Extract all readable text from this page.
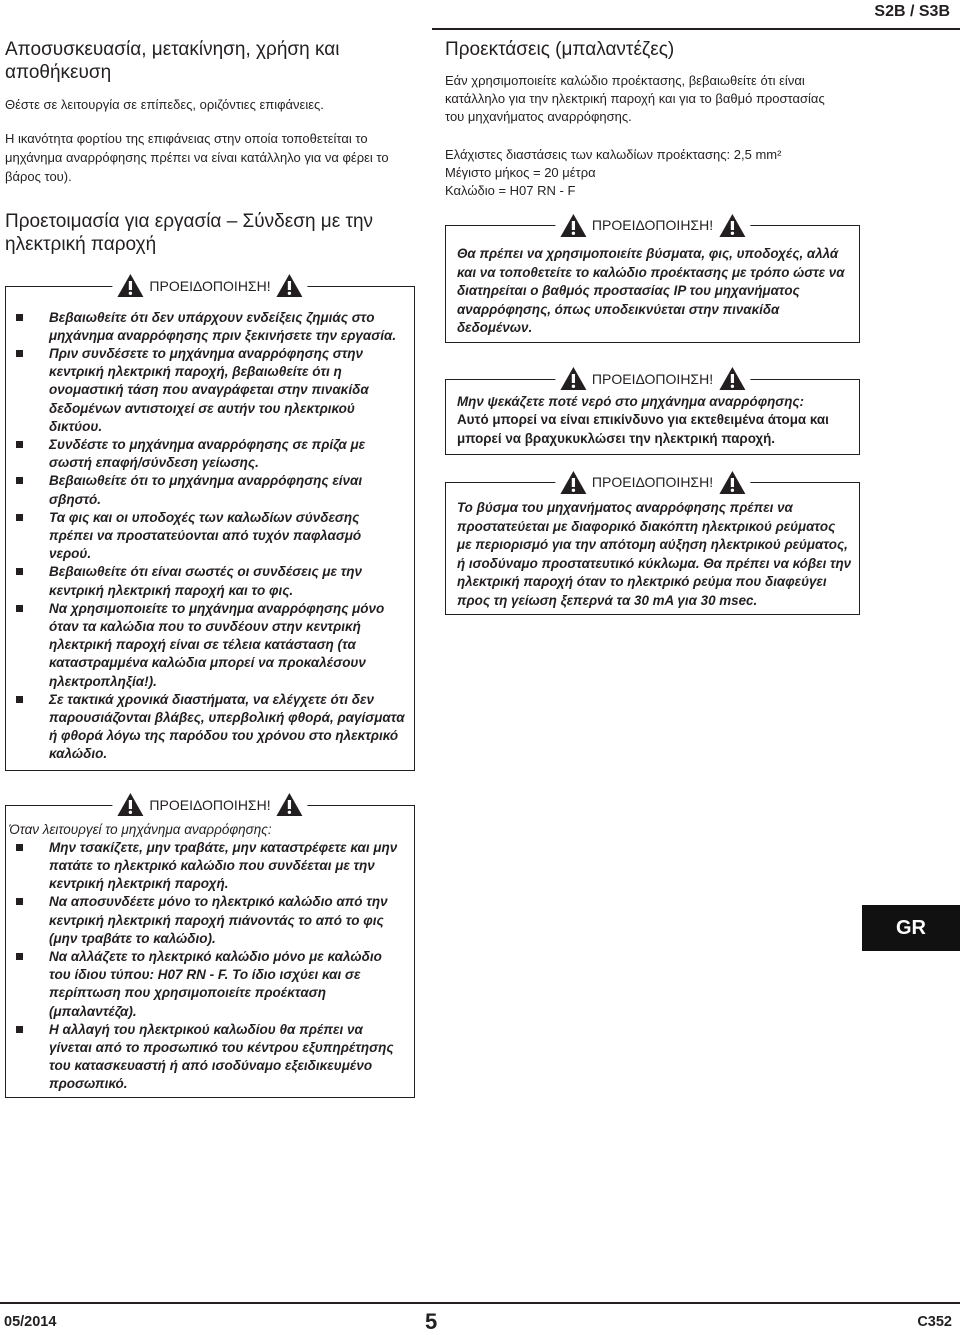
S2B / S3B
Αποσυσκευασία, μετακίνηση, χρήση και αποθήκευση

Θέστε σε λειτουργία σε επίπεδες, οριζόντιες επιφάνειες.

Η ικανότητα φορτίου της επιφάνειας στην οποία τοποθετείται το μηχάνημα αναρρόφησης πρέπει να είναι κατάλληλο για να φέρει το βάρος του).

Προετοιμασία για εργασία – Σύνδεση με την ηλεκτρική παροχή
ΠΡΟΕΙΔΟΠΟΙΗΣΗ!
Βεβαιωθείτε ότι δεν υπάρχουν ενδείξεις ζημιάς στο μηχάνημα αναρρόφησης πριν ξεκινήσετε την εργασία.
Πριν συνδέσετε το μηχάνημα αναρρόφησης στην κεντρική ηλεκτρική παροχή, βεβαιωθείτε ότι η ονομαστική τάση που αναγράφεται στην πινακίδα δεδομένων αντιστοιχεί σε αυτήν του ηλεκτρικού δικτύου.
Συνδέστε το μηχάνημα αναρρόφησης σε πρίζα με σωστή επαφή/σύνδεση γείωσης.
Βεβαιωθείτε ότι το μηχάνημα αναρρόφησης είναι σβηστό.
Τα φις και οι υποδοχές των καλωδίων σύνδεσης πρέπει να προστατεύονται από τυχόν παφλασμό νερού.
Βεβαιωθείτε ότι είναι σωστές οι συνδέσεις με την κεντρική ηλεκτρική παροχή και το φις.
Να χρησιμοποιείτε το μηχάνημα αναρρόφησης μόνο όταν τα καλώδια που το συνδέουν στην κεντρική ηλεκτρική παροχή είναι σε τέλεια κατάσταση (τα καταστραμμένα καλώδια μπορεί να προκαλέσουν ηλεκτροπληξία!).
Σε τακτικά χρονικά διαστήματα, να ελέγχετε ότι δεν παρουσιάζονται βλάβες, υπερβολική φθορά, ραγίσματα ή φθορά λόγω της παρόδου του χρόνου στο ηλεκτρικό καλώδιο.
ΠΡΟΕΙΔΟΠΟΙΗΣΗ!

Όταν λειτουργεί το μηχάνημα αναρρόφησης:

Μην τσακίζετε, μην τραβάτε, μην καταστρέφετε και μην πατάτε το ηλεκτρικό καλώδιο που συνδέεται με την κεντρική ηλεκτρική παροχή.
Να αποσυνδέετε μόνο το ηλεκτρικό καλώδιο από την κεντρική ηλεκτρική παροχή πιάνοντάς το από το φις (μην τραβάτε το καλώδιο).
Να αλλάζετε το ηλεκτρικό καλώδιο μόνο με καλώδιο του ίδιου τύπου: H07 RN - F. Το ίδιο ισχύει και σε περίπτωση που χρησιμοποιείτε προέκταση (μπαλαντέζα).
Η αλλαγή του ηλεκτρικού καλωδίου θα πρέπει να γίνεται από το προσωπικό του κέντρου εξυπηρέτησης του κατασκευαστή ή από ισοδύναμο εξειδικευμένο προσωπικό.
Προεκτάσεις (μπαλαντέζες)

Εάν χρησιμοποιείτε καλώδιο προέκτασης, βεβαιωθείτε ότι είναι κατάλληλο για την ηλεκτρική παροχή και για το βαθμό προστασίας του μηχανήματος αναρρόφησης.

Ελάχιστες διαστάσεις των καλωδίων προέκτασης: 2,5 mm²

Μέγιστο μήκος = 20 μέτρα

Καλώδιο = H07 RN - F

ΠΡΟΕΙΔΟΠΟΙΗΣΗ!

Θα πρέπει να χρησιμοποιείτε βύσματα, φις, υποδοχές, αλλά και να τοποθετείτε το καλώδιο προέκτασης με τρόπο ώστε να διατηρείται ο βαθμός προστασίας IP του μηχανήματος αναρρόφησης, όπως υποδεικνύεται στην πινακίδα δεδομένων.

ΠΡΟΕΙΔΟΠΟΙΗΣΗ!

Μην ψεκάζετε ποτέ νερό στο μηχάνημα αναρρόφησης:

Αυτό μπορεί να είναι επικίνδυνο για εκτεθειμένα άτομα και μπορεί να βραχυκυκλώσει την ηλεκτρική παροχή.

ΠΡΟΕΙΔΟΠΟΙΗΣΗ!

Το βύσμα του μηχανήματος αναρρόφησης πρέπει να προστατεύεται με διαφορικό διακόπτη ηλεκτρικού ρεύματος με περιορισμό για την απότομη αύξηση ηλεκτρικού ρεύματος, ή ισοδύναμο προστατευτικό κύκλωμα. Θα πρέπει να κόβει την ηλεκτρική παροχή όταν το ηλεκτρικό ρεύμα που διαφεύγει προς τη γείωση ξεπερνά τα 30 mA για 30 msec.

GR
05/2014	5	C352
